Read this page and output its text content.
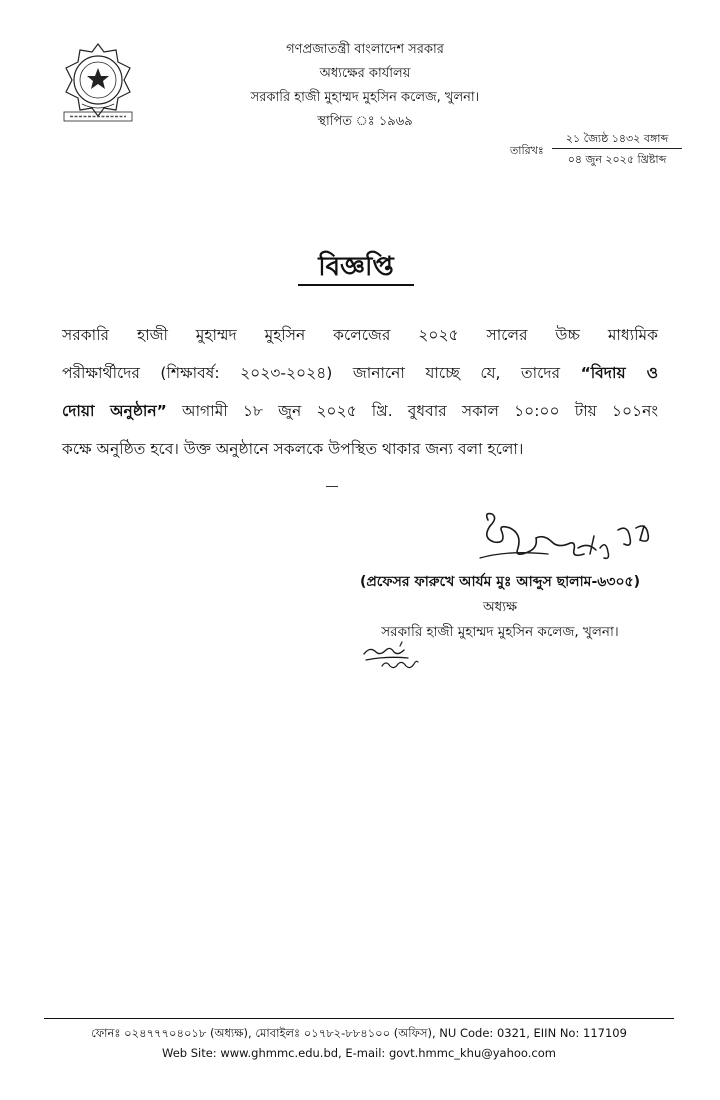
গণপ্রজাতন্ত্রী বাংলাদেশ সরকার
অধ্যক্ষের কার্যালয়
সরকারি হাজী মুহাম্মদ মুহসিন কলেজ, খুলনা।
স্থাপিত ঃ ১৯৬৯
তারিখঃ
২১ জ্যৈষ্ঠ ১৪৩২ বঙ্গাব্দ
০৪ জুন ২০২৫ খ্রিষ্টাব্দ
বিজ্ঞপ্তি
সরকারি হাজী মুহাম্মদ মুহসিন কলেজের ২০২৫ সালের উচ্চ মাধ্যমিক
পরীক্ষার্থীদের (শিক্ষাবর্ষ: ২০২৩-২০২৪) জানানো যাচ্ছে যে, তাদের “বিদায় ও
দোয়া অনুষ্ঠান” আগামী ১৮ জুন ২০২৫ খ্রি. বুধবার সকাল ১০:০০ টায় ১০১নং
কক্ষে অনুষ্ঠিত হবে। উক্ত অনুষ্ঠানে সকলকে উপস্থিত থাকার জন্য বলা হলো।
(প্রফেসর ফারুখে আর্যম মুঃ আব্দুস ছালাম-৬৩০৫)
অধ্যক্ষ
সরকারি হাজী মুহাম্মদ মুহসিন কলেজ, খুলনা।
ফোনঃ ০২৪৭৭৭০৪০১৮ (অধ্যক্ষ), মোবাইলঃ ০১৭৮২-৮৮৪১০০ (অফিস), NU Code: 0321, EIIN No: 117109
Web Site: www.ghmmc.edu.bd, E-mail: govt.hmmc_khu@yahoo.com
